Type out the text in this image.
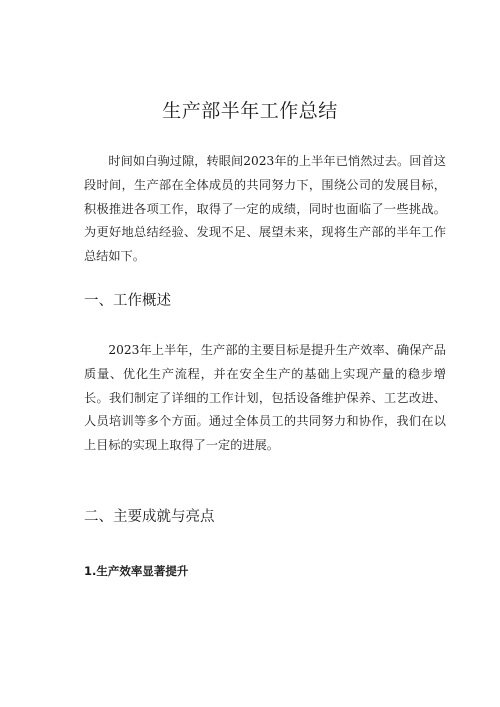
生产部半年工作总结

时间如白驹过隙，转眼间2023年的上半年已悄然过去。回首这段时间，生产部在全体成员的共同努力下，围绕公司的发展目标，积极推进各项工作，取得了一定的成绩，同时也面临了一些挑战。为更好地总结经验、发现不足、展望未来，现将生产部的半年工作总结如下。

一、工作概述

2023年上半年，生产部的主要目标是提升生产效率、确保产品质量、优化生产流程，并在安全生产的基础上实现产量的稳步增长。我们制定了详细的工作计划，包括设备维护保养、工艺改进、人员培训等多个方面。通过全体员工的共同努力和协作，我们在以上目标的实现上取得了一定的进展。

二、主要成就与亮点
1.生产效率显著提升
